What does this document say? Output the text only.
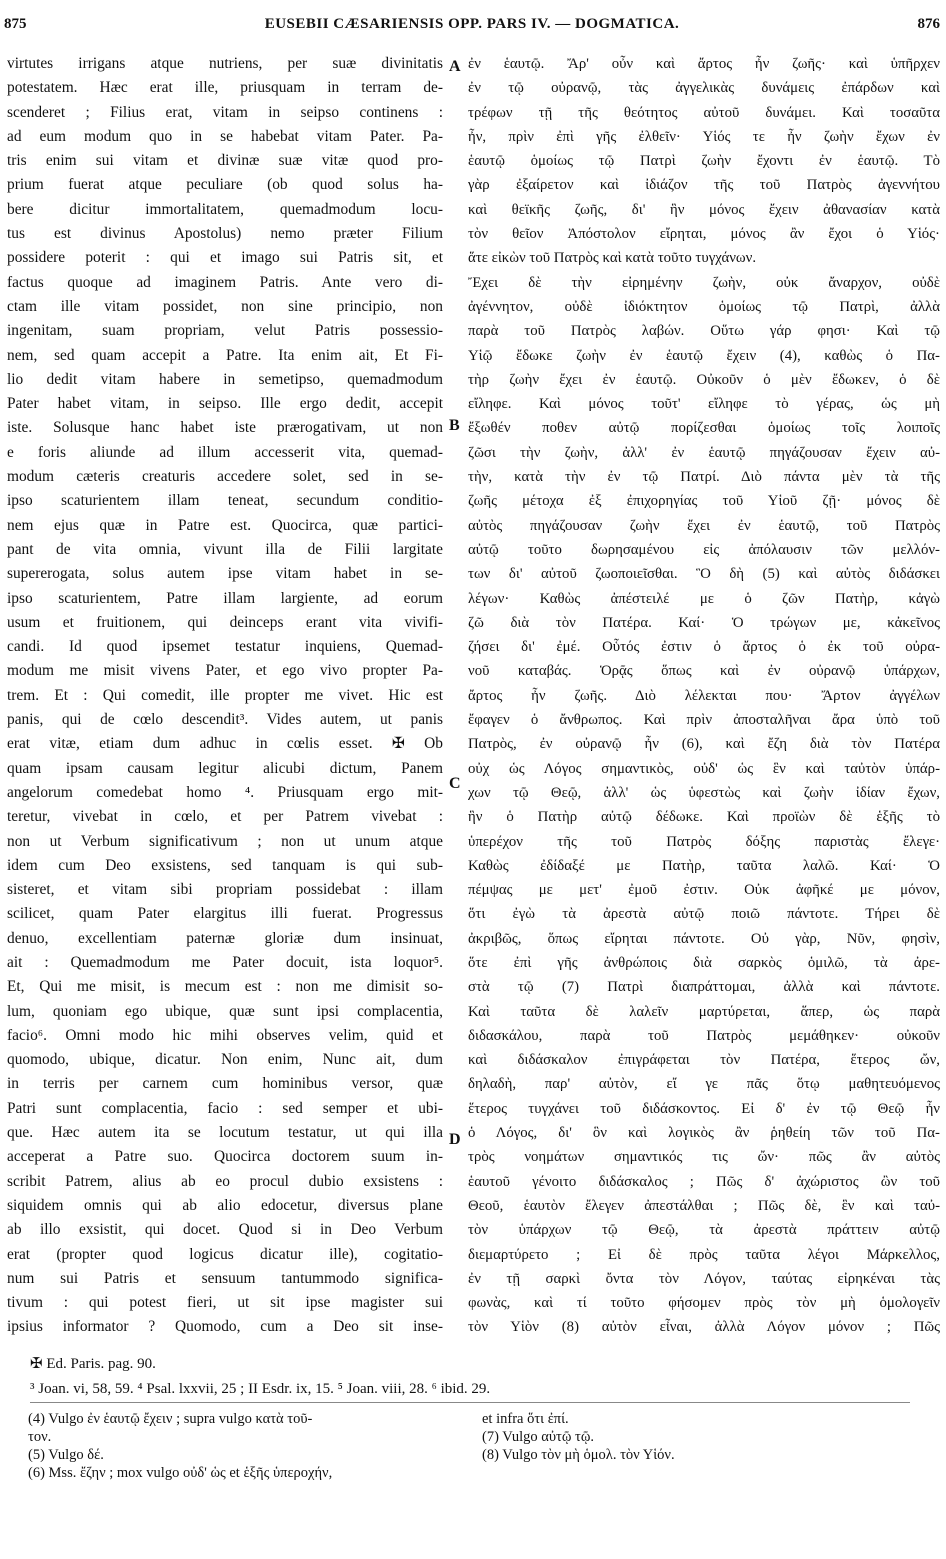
875	EUSEBII CÆSARIENSIS OPP. PARS IV. — DOGMATICA.	876
virtutes irrigans atque nutriens, per suæ divinitatis
potestatem. Hæc erat ille, priusquam in terram de-
scenderet ; Filius erat, vitam in seipso continens :
ad eum modum quo in se habebat vitam Pater. Pa-
tris enim sui vitam et divinæ suæ vitæ quod pro-
prium fuerat atque peculiare (ob quod solus ha-
bere dicitur immortalitatem, quemadmodum locu-
tus est divinus Apostolus) nemo præter Filium
possidere poterit : qui et imago sui Patris sit, et
factus quoque ad imaginem Patris. Ante vero di-
ctam ille vitam possidet, non sine principio, non
ingenitam, suam propriam, velut Patris possessio-
nem, sed quam accepit a Patre. Ita enim ait, Et Fi-
lio dedit vitam habere in semetipso, quemadmodum
Pater habet vitam, in seipso. Ille ergo dedit, accepit
iste. Solusque hanc habet iste prærogativam, ut non
e foris aliunde ad illum accesserit vita, quemad-
modum cæteris creaturis accedere solet, sed in se-
ipso scaturientem illam teneat, secundum conditio-
nem ejus quæ in Patre est. Quocirca, quæ partici-
pant de vita omnia, vivunt illa de Filii largitate
supererogata, solus autem ipse vitam habet in se-
ipso scaturientem, Patre illam largiente, ad eorum
usum et fruitionem, qui deinceps erant vita vivifi-
candi. Id quod ipsemet testatur inquiens, Quemad-
modum me misit vivens Pater, et ego vivo propter Pa-
trem. Et : Qui comedit, ille propter me vivet. Hic est
panis, qui de cœlo descendit³. Vides autem, ut panis
erat vitæ, etiam dum adhuc in cœlis esset. ✠ Ob
quam ipsam causam legitur alicubi dictum, Panem
angelorum comedebat homo ⁴. Priusquam ergo mit-
teretur, vivebat in cœlo, et per Patrem vivebat :
non ut Verbum significativum ; non ut unum atque
idem cum Deo exsistens, sed tanquam is qui sub-
sisteret, et vitam sibi propriam possidebat : illam
scilicet, quam Pater elargitus illi fuerat. Progressus
denuo, excellentiam paternæ gloriæ dum insinuat,
ait : Quemadmodum me Pater docuit, ista loquor⁵.
Et, Qui me misit, is mecum est : non me dimisit so-
lum, quoniam ego ubique, quæ sunt ipsi complacentia,
facio⁶. Omni modo hic mihi observes velim, quid et
quomodo, ubique, dicatur. Non enim, Nunc ait, dum
in terris per carnem cum hominibus versor, quæ
Patri sunt complacentia, facio : sed semper et ubi-
que. Hæc autem ita se locutum testatur, ut qui illa
acceperat a Patre suo. Quocirca doctorem suum in-
scribit Patrem, alius ab eo procul dubio exsistens :
siquidem omnis qui ab alio edocetur, diversus plane
ab illo exsistit, qui docet. Quod si in Deo Verbum
erat (propter quod logicus dicatur ille), cogitatio-
num sui Patris et sensuum tantummodo significa-
tivum : qui potest fieri, ut sit ipse magister sui
ipsius informator ? Quomodo, cum a Deo sit inse-
A
B
C
D
ἐν ἑαυτῷ. Ἄρ' οὖν καὶ ἄρτος ἦν ζωῆς· καὶ ὑπῆρχεν
ἐν τῷ οὐρανῷ, τὰς ἀγγελικὰς δυνάμεις ἐπάρδων καὶ
τρέφων τῇ τῆς θεότητος αὐτοῦ δυνάμει. Καὶ τοσαῦτα
ἦν, πρὶν ἐπὶ γῆς ἐλθεῖν· Υἱός τε ἦν ζωὴν ἔχων ἐν
ἑαυτῷ ὁμοίως τῷ Πατρὶ ζωὴν ἔχοντι ἐν ἑαυτῷ. Τὸ
γὰρ ἐξαίρετον καὶ ἰδιάζον τῆς τοῦ Πατρὸς ἀγεννήτου
καὶ θεϊκῆς ζωῆς, δι' ἣν μόνος ἔχειν ἀθανασίαν κατὰ
τὸν θεῖον Ἀπόστολον εἴρηται, μόνος ἂν ἔχοι ὁ Υἱός·
ἅτε εἰκὼν τοῦ Πατρὸς καὶ κατὰ τοῦτο τυγχάνων.
Ἔχει δὲ τὴν εἰρημένην ζωὴν, οὐκ ἄναρχον, οὐδὲ
ἀγέννητον, οὐδὲ ἰδιόκτητον ὁμοίως τῷ Πατρὶ, ἀλλὰ
παρὰ τοῦ Πατρὸς λαβών. Οὕτω γάρ φησι· Καὶ τῷ
Υἱῷ ἔδωκε ζωὴν ἐν ἑαυτῷ ἔχειν (4), καθὼς ὁ Πα-
τὴρ ζωὴν ἔχει ἐν ἑαυτῷ. Οὐκοῦν ὁ μὲν ἔδωκεν, ὁ δὲ
εἴληφε. Καὶ μόνος τοῦτ' εἴληφε τὸ γέρας, ὡς μὴ
ἔξωθέν ποθεν αὐτῷ πορίζεσθαι ὁμοίως τοῖς λοιποῖς
ζῶσι τὴν ζωὴν, ἀλλ' ἐν ἑαυτῷ πηγάζουσαν ἔχειν αὐ-
τὴν, κατὰ τὴν ἐν τῷ Πατρί. Διὸ πάντα μὲν τὰ τῆς
ζωῆς μέτοχα ἐξ ἐπιχορηγίας τοῦ Υἱοῦ ζῇ· μόνος δὲ
αὐτὸς πηγάζουσαν ζωὴν ἔχει ἐν ἑαυτῷ, τοῦ Πατρὸς
αὐτῷ τοῦτο δωρησαμένου εἰς ἀπόλαυσιν τῶν μελλόν-
των δι' αὐτοῦ ζωοποιεῖσθαι. Ὃ δὴ (5) καὶ αὐτὸς διδάσκει
λέγων· Καθὼς ἀπέστειλέ με ὁ ζῶν Πατὴρ, κἀγὼ
ζῶ διὰ τὸν Πατέρα. Καί· Ὁ τρώγων με, κἀκεῖνος
ζήσει δι' ἐμέ. Οὗτός ἐστιν ὁ ἄρτος ὁ ἐκ τοῦ οὐρα-
νοῦ καταβάς. Ὁρᾷς ὅπως καὶ ἐν οὐρανῷ ὑπάρχων,
ἄρτος ἦν ζωῆς. Διὸ λέλεκται που· Ἄρτον ἀγγέλων
ἔφαγεν ὁ ἄνθρωπος. Καὶ πρὶν ἀποσταλῆναι ἄρα ὑπὸ τοῦ
Πατρὸς, ἐν οὐρανῷ ἦν (6), καὶ ἔζη διὰ τὸν Πατέρα
οὐχ ὡς Λόγος σημαντικὸς, οὐδ' ὡς ἓν καὶ ταὐτὸν ὑπάρ-
χων τῷ Θεῷ, ἀλλ' ὡς ὑφεστὼς καὶ ζωὴν ἰδίαν ἔχων,
ἣν ὁ Πατὴρ αὐτῷ δέδωκε. Καὶ προϊὼν δὲ ἑξῆς τὸ
ὑπερέχον τῆς τοῦ Πατρὸς δόξης παριστὰς ἔλεγε·
Καθὼς ἐδίδαξέ με Πατὴρ, ταῦτα λαλῶ. Καί· Ὁ
πέμψας με μετ' ἐμοῦ ἐστιν. Οὐκ ἀφῆκέ με μόνον,
ὅτι ἐγὼ τὰ ἀρεστὰ αὐτῷ ποιῶ πάντοτε. Τήρει δὲ
ἀκριβῶς, ὅπως εἴρηται πάντοτε. Οὐ γὰρ, Νῦν, φησὶν,
ὅτε ἐπὶ γῆς ἀνθρώποις διὰ σαρκὸς ὁμιλῶ, τὰ ἀρε-
στὰ τῷ (7) Πατρὶ διαπράττομαι, ἀλλὰ καὶ πάντοτε.
Καὶ ταῦτα δὲ λαλεῖν μαρτύρεται, ἅπερ, ὡς παρὰ
διδασκάλου, παρὰ τοῦ Πατρὸς μεμάθηκεν· οὐκοῦν
καὶ διδάσκαλον ἐπιγράφεται τὸν Πατέρα, ἕτερος ὤν,
δηλαδὴ, παρ' αὐτὸν, εἴ γε πᾶς ὅτῳ μαθητευόμενος
ἕτερος τυγχάνει τοῦ διδάσκοντος. Εἰ δ' ἐν τῷ Θεῷ ἦν
ὁ Λόγος, δι' ὃν καὶ λογικὸς ἂν ῥηθείη τῶν τοῦ Πα-
τρὸς νοημάτων σημαντικός τις ὤν· πῶς ἂν αὐτὸς
ἑαυτοῦ γένοιτο διδάσκαλος ; Πῶς δ' ἀχώριστος ὢν τοῦ
Θεοῦ, ἑαυτὸν ἔλεγεν ἀπεστάλθαι ; Πῶς δὲ, ἓν καὶ ταὐ-
τὸν ὑπάρχων τῷ Θεῷ, τὰ ἀρεστὰ πράττειν αὐτῷ
διεμαρτύρετο ; Εἰ δὲ πρὸς ταῦτα λέγοι Μάρκελλος,
ἐν τῇ σαρκὶ ὄντα τὸν Λόγον, ταύτας εἰρηκέναι τὰς
φωνὰς, καὶ τί τοῦτο φήσομεν πρὸς τὸν μὴ ὁμολογεῖν
τὸν Υἱὸν (8) αὐτὸν εἶναι, ἀλλὰ Λόγον μόνον ; Πῶς
✠ Ed. Paris. pag. 90.
³ Joan. vi, 58, 59. ⁴ Psal. lxxvii, 25 ; II Esdr. ix, 15. ⁵ Joan. viii, 28. ⁶ ibid. 29.
(4) Vulgo ἐν ἑαυτῷ ἔχειν ; supra vulgo κατὰ τοῦ-
τον.
(5) Vulgo δέ.
(6) Mss. ἔζην ; mox vulgo οὐδ' ὡς et ἑξῆς ὑπεροχήν,
et infra ὅτι ἐπί.
(7) Vulgo αὐτῷ τῷ.
(8) Vulgo τὸν μὴ ὁμολ. τὸν Υἱόν.
